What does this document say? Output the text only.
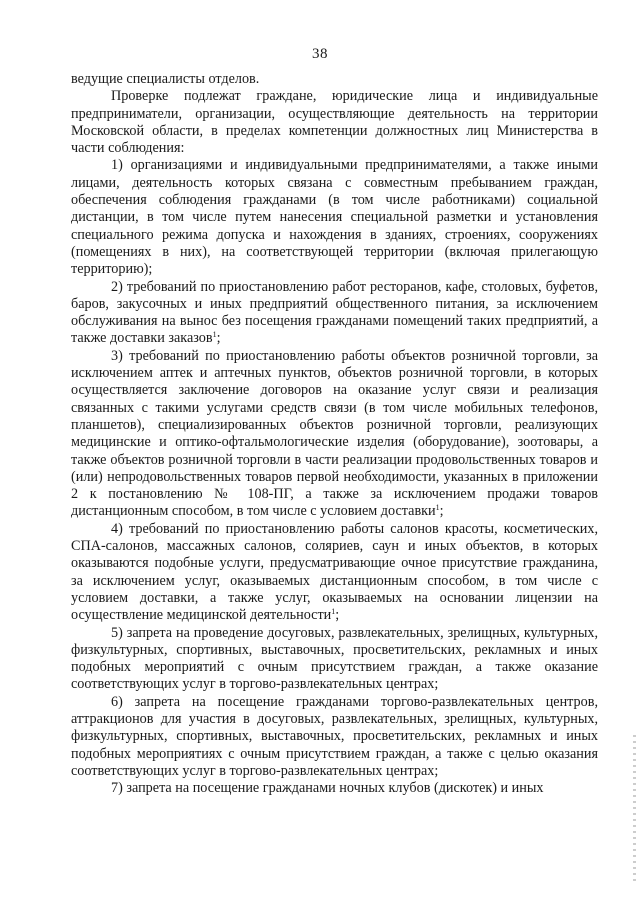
38

ведущие специалисты отделов.

Проверке подлежат граждане, юридические лица и индивидуальные предприниматели, организации, осуществляющие деятельность на территории Московской области, в пределах компетенции должностных лиц Министерства в части соблюдения:

1) организациями и индивидуальными предпринимателями, а также иными лицами, деятельность которых связана с совместным пребыванием граждан, обеспечения соблюдения гражданами (в том числе работниками) социальной дистанции, в том числе путем нанесения специальной разметки и установления специального режима допуска и нахождения в зданиях, строениях, сооружениях (помещениях в них), на соответствующей территории (включая прилегающую территорию);

2) требований по приостановлению работ ресторанов, кафе, столовых, буфетов, баров, закусочных и иных предприятий общественного питания, за исключением обслуживания на вынос без посещения гражданами помещений таких предприятий, а также доставки заказов$^1$;

3) требований по приостановлению работы объектов розничной торговли, за исключением аптек и аптечных пунктов, объектов розничной торговли, в которых осуществляется заключение договоров на оказание услуг связи и реализация связанных с такими услугами средств связи (в том числе мобильных телефонов, планшетов), специализированных объектов розничной торговли, реализующих медицинские и оптико-офтальмологические изделия (оборудование), зоотовары, а также объектов розничной торговли в части реализации продовольственных товаров и (или) непродовольственных товаров первой необходимости, указанных в приложении 2 к постановлению № 108-ПГ, а также за исключением продажи товаров дистанционным способом, в том числе с условием доставки$^1$;

4) требований по приостановлению работы салонов красоты, косметических, СПА-салонов, массажных салонов, соляриев, саун и иных объектов, в которых оказываются подобные услуги, предусматривающие очное присутствие гражданина, за исключением услуг, оказываемых дистанционным способом, в том числе с условием доставки, а также услуг, оказываемых на основании лицензии на осуществление медицинской деятельности$^1$;

5) запрета на проведение досуговых, развлекательных, зрелищных, культурных, физкультурных, спортивных, выставочных, просветительских, рекламных и иных подобных мероприятий с очным присутствием граждан, а также оказание соответствующих услуг в торгово-развлекательных центрах;

6) запрета на посещение гражданами торгово-развлекательных центров, аттракционов для участия в досуговых, развлекательных, зрелищных, культурных, физкультурных, спортивных, выставочных, просветительских, рекламных и иных подобных мероприятиях с очным присутствием граждан, а также с целью оказания соответствующих услуг в торгово-развлекательных центрах;

7) запрета на посещение гражданами ночных клубов (дискотек) и иных
